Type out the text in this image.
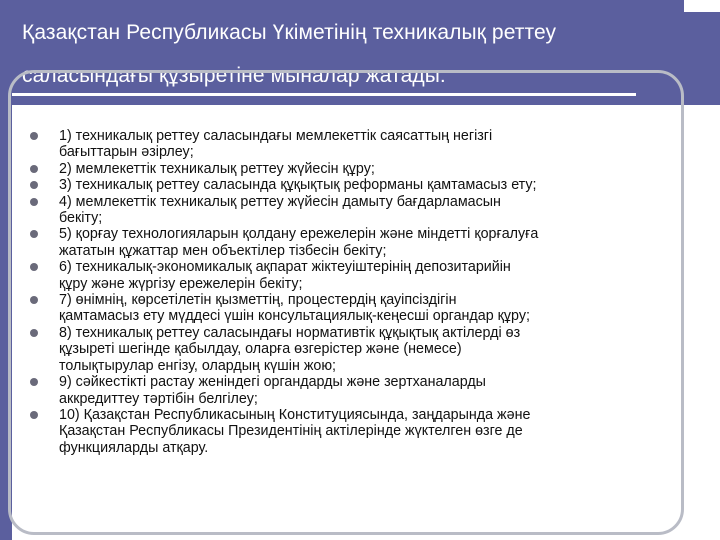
Қазақстан Республикасы Үкіметінің техникалық реттеу
саласындағы құзыретіне мыналар жатады:
1) техникалық реттеу саласындағы мемлекеттік саясаттың негізгі
бағыттарын әзірлеу;
2) мемлекеттік техникалық реттеу жүйесін құру;
3) техникалық реттеу саласында құқықтық реформаны қамтамасыз ету;
4) мемлекеттік техникалық реттеу жүйесін дамыту бағдарламасын
бекіту;
5) қорғау технологияларын қолдану ережелерін және міндетті қорғалуға
жататын құжаттар мен объектілер тізбесін бекіту;
6) техникалық-экономикалық ақпарат жіктеуіштерінің депозитарийін
құру және жүргізу ережелерін бекіту;
7) өнімнің, көрсетілетін қызметтің, процестердің қауіпсіздігін
қамтамасыз ету мүддесі үшін консультациялық-кеңесші органдар құру;
8) техникалық реттеу саласындағы нормативтік құқықтық актілерді өз
құзыреті шегінде қабылдау, оларға өзгерістер және (немесе)
толықтырулар енгізу, олардың күшін жою;
9) сәйкестікті растау женіндегі органдарды және зертханаларды
аккредиттеу тәртібін белгілеу;
10) Қазақстан Республикасының Конституциясында, заңдарында және
Қазақстан Республикасы Президентінің актілерінде жүктелген өзге де
функцияларды атқару.
